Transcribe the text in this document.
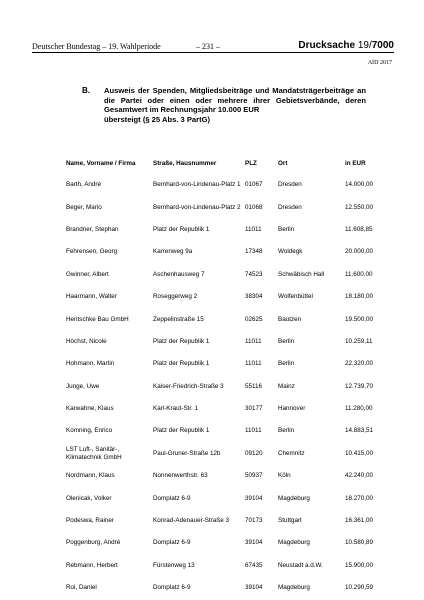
Deutscher Bundestag – 19. Wahlperiode	– 231 –	Drucksache 19/7000
AfD 2017
B. Ausweis der Spenden, Mitgliedsbeiträge und Mandatsträgerbeiträge an die Partei oder einen oder mehrere ihrer Gebietsverbände, deren Gesamtwert im Rechnungsjahr 10.000 EUR
übersteigt (§ 25 Abs. 3 PartG)
Name, Vorname / Firma	Straße, Hausnummer	PLZ	Ort	in EUR
Barth, André	Bernhard-von-Lindenau-Platz 1	01067	Dresden	14.000,00
Beger, Mario	Bernhard-von-Lindenau-Platz 2	01068	Dresden	12.550,00
Brandner, Stephan	Platz der Republik 1	11011	Berlin	11.608,85
Fehrensen, Georg	Karrenweg 9a	17348	Woldegk	20.000,00
Gwinner, Albert	Aschenhausweg 7	74523	Schwäbisch Hall	11.600,00
Haarmann, Walter	Roseggerweg 2	38304	Wolfenbüttel	18.180,00
Hentschke Bau GmbH	Zeppelinstraße 15	02625	Bautzen	19.500,00
Höchst, Nicole	Platz der Republik 1	11011	Berlin	10.259,11
Hohmann, Martin	Platz der Republik 1	11011	Berlin	22.320,00
Junge, Uwe	Kaiser-Friedrich-Straße 3	55116	Mainz	12.739,70
Karwahne, Klaus	Karl-Kraut-Str. 1	30177	Hannover	11.280,00
Komning, Enrico	Platz der Republik 1	11011	Berlin	14.883,51
LST Luft-, Sanitär-, Klimatechnik GmbH	Paul-Gruner-Straße 12b	09120	Chemnitz	10.415,00
Nordmann, Klaus	Nonnenwerthstr. 63	50937	Köln	42.240,00
Olenicak, Volker	Domplatz 6-9	39104	Magdeburg	18.270,00
Podeswa, Rainer	Konrad-Adenauer-Straße 3	70173	Stuttgart	16.361,00
Poggenburg, André	Domplatz 6-9	39104	Magdeburg	10.580,89
Rebmann, Herbert	Fürstenweg 13	67435	Neustadt a.d.W.	15.900,00
Roi, Daniel	Domplatz 6-9	39104	Magdeburg	10.290,59
